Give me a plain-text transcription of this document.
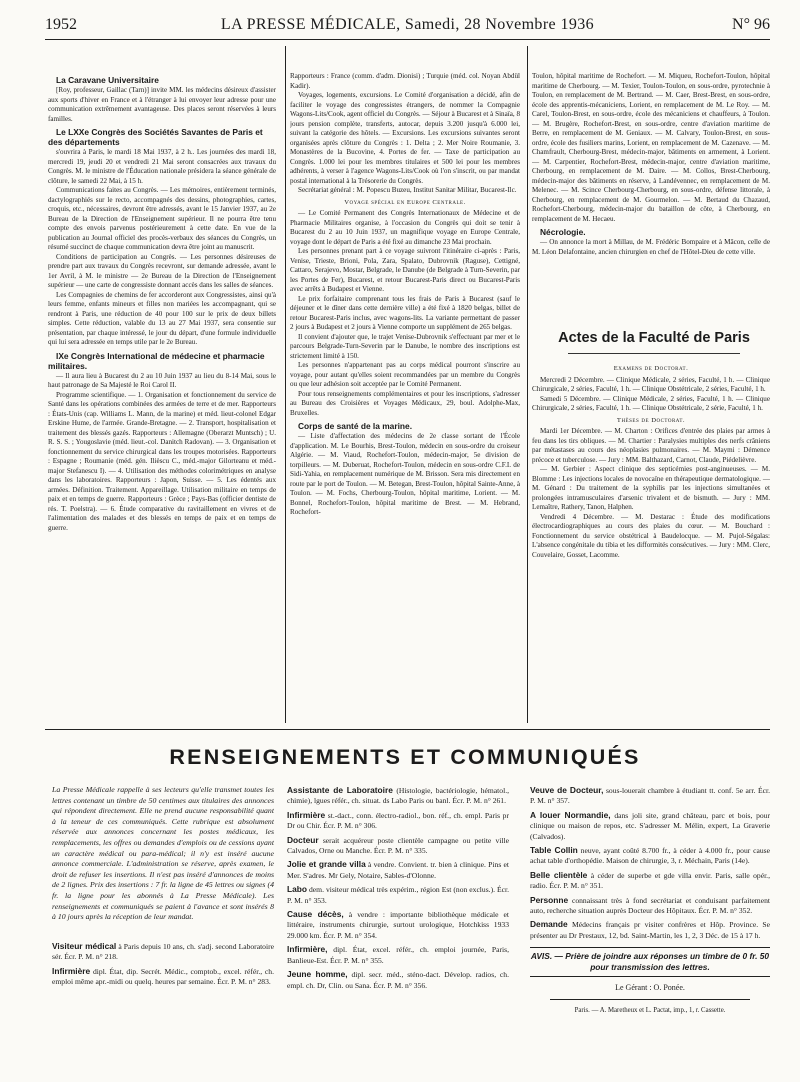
1952	LA PRESSE MÉDICALE, Samedi, 28 Novembre 1936	N° 96
La Caravane Universitaire

[Roy, professeur, Gaillac (Tarn)] invite MM. les médecins désireux d'assister aux sports d'hiver en France et à l'étranger à lui envoyer leur adresse pour une communication extrêmement avantageuse. Des places seront réservées à leurs familles.

Le LXXe Congrès des Sociétés Savantes de Paris et des départements

s'ouvrira à Paris, le mardi 18 Mai 1937, à 2 h.. Les journées des mardi 18, mercredi 19, jeudi 20 et vendredi 21 Mai seront consacrées aux travaux du Congrès. M. le ministre de l'Éducation nationale présidera la séance générale de clôture, le samedi 22 Mai, à 15 h.

Communications faites au Congrès. — Les mémoires, entièrement terminés, dactylographiés sur le recto, accompagnés des dessins, photographies, cartes, croquis, etc., nécessaires, devront être adressés, avant le 15 Janvier 1937, au 2e Bureau de la Direction de l'Enseignement supérieur. Il ne pourra être tenu compte des envois parvenus postérieurement à cette date. En vue de la publication au Journal officiel des procès-verbaux des séances du Congrès, un résumé succinct de chaque communication devra être joint au manuscrit.

Conditions de participation au Congrès. — Les personnes désireuses de prendre part aux travaux du Congrès recevront, sur demande adressée, avant le 1er Avril, à M. le ministre — 2e Bureau de la Direction de l'Enseignement supérieur — une carte de congressiste donnant accès dans les salles de séances.

Les Compagnies de chemins de fer accorderont aux Congressistes, ainsi qu'à leurs femme, enfants mineurs et filles non mariées les accompagnant, qui se rendront à Paris, une réduction de 40 pour 100 sur le prix de deux billets simples. Cette réduction, valable du 13 au 27 Mai 1937, sera consentie sur présentation, par chaque intéressé, le jour du départ, d'une formule individuelle qui lui sera adressée en temps utile par le 2e Bureau.

IXe Congrès International de médecine et pharmacie militaires.

— Il aura lieu à Bucarest du 2 au 10 Juin 1937 au lieu du 8-14 Mai, sous le haut patronage de Sa Majesté le Roi Carol II.

Programme scientifique. — 1. Organisation et fonctionnement du service de Santé dans les opérations combinées des armées de terre et de mer. Rapporteurs : États-Unis (cap. Williams L. Mann, de la marine) et méd. lieut-colonel Edgar Erskine Hume, de l'armée. Grande-Bretagne. — 2. Transport, hospitalisation et traitement des blessés gazés. Rapporteurs : Allemagne (Oberarzt Muntsch) ; U. R. S. S. ; Yougoslavie (méd. lieut.-col. Danitch Radovan). — 3. Organisation et fonctionnement du service chirurgical dans les troupes motorisées. Rapporteurs : Espagne ; Roumanie (méd. gén. Ilièscu C., méd.-major Gilorteanu et méd.-major Stefanescu I). — 4. Utilisation des méthodes colorimétriques en analyse dans les laboratoires. Rapporteurs : Japon, Suisse. — 5. Les édentés aux armées. Définition. Traitement. Appareillage. Utilisation militaire en temps de paix et en temps de guerre. Rapporteurs : Grèce ; Pays-Bas (officier dentiste de rés. T. Poelstra). — 6. Étude comparative du ravitaillement en vivres et de l'alimentation des malades et des blessés en temps de paix et en temps de guerre.

Rapporteurs : France (comm. d'adm. Dionisi) ; Turquie (méd. col. Noyan Abdül Kadir).

Voyages, logements, excursions. Le Comité d'organisation a décidé, afin de faciliter le voyage des congressistes étrangers, de nommer la Compagnie Wagons-Lits/Cook, agent officiel du Congrès. — Séjour à Bucarest et à Sinaïa, 8 jours pension complète, transferts, autocar, depuis 3.200 jusqu'à 6.000 lei, suivant la catégorie des hôtels. — Excursions. Les excursions suivantes seront organisées après clôture du Congrès : 1. Delta ; 2. Mer Noire Roumanie, 3. Monastères de la Bucovine, 4. Portes de fer. — Taxe de participation au Congrès. 1.000 lei pour les membres titulaires et 500 lei pour les membres adhérents, à verser à l'agence Wagons-Lits/Cook où l'on s'inscrit, ou par mandat postal international à la Trésorerie du Congrès.

Secrétariat général : M. Popescu Buzeu, Institut Sanitar Militar, Bucarest-Ilc.

Voyage spécial en Europe Centrale.

— Le Comité Permanent des Congrès Internationaux de Médecine et de Pharmacie Militaires organise, à l'occasion du Congrès qui doit se tenir à Bucarest du 2 au 10 Juin 1937, un magnifique voyage en Europe Centrale, voyage dont le départ de Paris a été fixé au dimanche 23 Mai prochain.

Les personnes prenant part à ce voyage suivront l'itinéraire ci-après : Paris, Venise, Trieste, Brioni, Pola, Zara, Spalato, Dubrovnik (Raguse), Cettigné, Cattaro, Serajevo, Mostar, Belgrade, le Danube (de Belgrade à Turn-Severin, par les Portes de Fer), Bucarest, et retour Bucarest-Paris direct ou Bucarest-Paris avec arrêts à Budapest et Vienne.

Le prix forfaitaire comprenant tous les frais de Paris à Bucarest (sauf le déjeuner et le dîner dans cette dernière ville) a été fixé à 1820 belgas, billet de retour Bucarest-Paris inclus, avec wagons-lits. La variante permettant de passer 2 jours à Budapest et 2 jours à Vienne comporte un supplément de 265 belgas.

Il convient d'ajouter que, le trajet Venise-Dubrovnik s'effectuant par mer et le parcours Belgrade-Turn-Severin par le Danube, le nombre des inscriptions est strictement limité à 150.

Les personnes n'appartenant pas au corps médical pourront s'inscrire au voyage, pour autant qu'elles soient recommandées par un membre du Congrès ou que leur adhésion soit acceptée par le Comité Permanent.

Pour tous renseignements complémentaires et pour les inscriptions, s'adresser au Bureau des Croisières et Voyages Médicaux, 29, boul. Adolphe-Max, Bruxelles.

Corps de santé de la marine.

— Liste d'affectation des médecins de 2e classe sortant de l'École d'application. M. Le Bourhis, Brest-Toulon, médecin en sous-ordre du croiseur Algérie. — M. Viaud, Rochefort-Toulon, médecin-major, 5e division de torpilleurs. — M. Duberuat, Rochefort-Toulon, médecin en sous-ordre C.F.I. de Sidi-Yahia, en remplacement numérique de M. Brisson. Sera mis directement en route par le port de Toulon. — M. Betegan, Brest-Toulon, hôpital Sainte-Anne, à Toulon. — M. Fochs, Cherbourg-Toulon, hôpital maritime, Lorient. — M. Bonnel, Rochefort-Toulon, hôpital maritime de Brest. — M. Hebrand, Rochefort-

Toulon, hôpital maritime de Rochefort. — M. Miqueu, Rochefort-Toulon, hôpital maritime de Cherbourg. — M. Texier, Toulon-Toulon, en sous-ordre, pyrotechnie à Toulon, en remplacement de M. Bertrand. — M. Caer, Brest-Brest, en sous-ordre, école des apprentis-mécaniciens, Lorient, en remplacement de M. Le Roy. — M. Carel, Toulon-Brest, en sous-ordre, école des mécaniciens et chauffeurs, à Toulon. — M. Brugère, Rochefort-Brest, en sous-ordre, centre d'aviation maritime de Berre, en remplacement de M. Geniaux. — M. Calvary, Toulon-Brest, en sous-ordre, école des fusiliers marins, Lorient, en remplacement de M. Cazenave. — M. Chamfrault, Cherbourg-Brest, médecin-major, bâtiments en armement, à Lorient. — M. Carpentier, Rochefort-Brest, médecin-major, centre d'aviation maritime, Cherbourg, en remplacement de M. Daire. — M. Collos, Brest-Cherbourg, médecin-major des bâtiments en réserve, à Landévennec, en remplacement de M. Melenec. — M. Scince Cherbourg-Cherbourg, en sous-ordre, défense littorale, à Cherbourg, en remplacement de M. Gourmelon. — M. Bertaud du Chazaud, Rochefort-Cherbourg, médecin-major du bataillon de côte, à Cherbourg, en remplacement de M. Hecaeu.

Nécrologie.

— On annonce la mort à Millau, de M. Frédéric Bompaire et à Mâcon, celle de M. Léon Delafontaine, ancien chirurgien en chef de l'Hôtel-Dieu de cette ville.

Actes de la Faculté de Paris

Examens de Doctorat.

Mercredi 2 Décembre. — Clinique Médicale, 2 séries, Faculté, 1 h. — Clinique Chirurgicale, 2 séries, Faculté, 1 h. — Clinique Obstétricale, 2 séries, Faculté, 1 h.

Samedi 5 Décembre. — Clinique Médicale, 2 séries, Faculté, 1 h. — Clinique Chirurgicale, 2 séries, Faculté, 1 h. — Clinique Obstétricale, 2 série, Faculté, 1 h.

Thèses de Doctorat.

Mardi 1er Décembre. — M. Charton : Orifices d'entrée des plaies par armes à feu dans les tirs obliques. — M. Chartier : Paralysies multiples des nerfs crâniens par métastases au cours des néoplasies pulmonaires. — M. Maymi : Démence précoce et tuberculose. — Jury : MM. Balthazard, Carnot, Claude, Piédelièvre.

— M. Gerbier : Aspect clinique des septicémies post-anginueuses. — M. Blomme : Les injections locales de novocaïne en thérapeutique dermatologique. — M. Génard : Du traitement de la syphilis par les injections simultanées et prolongées intramusculaires d'arsenic trivalent et de bismuth. — Jury : MM. Lemaître, Rathery, Tanon, Halphen.

Vendredi 4 Décembre. — M. Destarac : Étude des modifications électrocardiographiques au cours des plaies du cœur. — M. Bouchard : Fonctionnement du service obstétrical à Baudelocque. — M. Pujol-Ségalas: L'absence congénitale du tibia et les difformités consécutives. — Jury : MM. Clerc, Couvelaire, Gosset, Lacomme.

RENSEIGNEMENTS ET COMMUNIQUÉS
La Presse Médicale rappelle à ses lecteurs qu'elle transmet toutes les lettres contenant un timbre de 50 centimes aux titulaires des annonces qui répondent directement. Elle ne prend aucune responsabilité quant à la teneur de ces communiqués. Cette rubrique est absolument réservée aux annonces concernant les postes médicaux, les remplacements, les offres ou demandes d'emplois ou de cessions ayant un caractère médical ou para-médical; il n'y est inséré aucune annonce commerciale. L'administration se réserve, après examen, le droit de refuser les insertions. Il n'est pas inséré d'annonces de moins de 2 lignes. Prix des insertions : 7 fr. la ligne de 45 lettres ou signes (4 fr. la ligne pour les abonnés à La Presse Médicale). Les renseignements et communiqués se paient à l'avance et sont insérés 8 à 10 jours après la réception de leur mandat.

Visiteur médical à Paris depuis 10 ans, ch. s'adj. second Laboratoire sér. Écr. P. M. n° 218.

Infirmière dipl. État, dip. Secrét. Médic., comptob., excel. référ., ch. emploi même apr.-midi ou quelq. heures par semaine. Écr. P. M. n° 283.

Assistante de Laboratoire (Histologie, bactériologie, hématol., chimie), lgues référ., ch. situat. ds Labo Paris ou banl. Écr. P. M. n° 261.

Infirmière st.-dact., conn. électro-radiol., bon. réf., ch. empl. Paris pr Dr ou Chir. Écr. P. M. n° 306.

Docteur serait acquéreur poste clientèle campagne ou petite ville Calvados, Orne ou Manche. Écr. P. M. n° 335.

Jolie et grande villa à vendre. Convient. tr. bien à clinique. Pins et Mer. S'adres. Mr Gely, Notaire, Sables-d'Olonne.

Labo dem. visiteur médical très expérim., région Est (non exclus.). Écr. P. M. n° 353.

Cause décès, à vendre : importante bibliothèque médicale et littéraire, instruments chirurgie, surtout urologique, Hotchkiss 1933 29.000 km. Écr. P. M. n° 354.

Infirmière, dipl. État, excel. référ., ch. emploi journée, Paris, Banlieue-Est. Écr. P. M. n° 355.

Jeune homme, dipl. secr. méd., sténo-dact. Dévelop. radios, ch. empl. ch. Dr, Clin. ou Sana. Écr. P. M. n° 356.

Veuve de Docteur, sous-louerait chambre à étudiant tt. conf. 5e arr. Écr. P. M. n° 357.

A louer Normandie, dans joli site, grand château, parc et bois, pour clinique ou maison de repos, etc. S'adresser M. Mélin, expert, La Graverie (Calvados).

Table Collin neuve, ayant coûté 8.700 fr., à céder à 4.000 fr., pour cause achat table d'orthopédie. Maison de chirurgie, 3, r. Méchain, Paris (14e).

Belle clientèle à céder de superbe et gde villa envir. Paris, salle opér., radio. Écr. P. M. n° 351.

Personne connaissant très à fond secrétariat et conduisant parfaitement auto, recherche situation auprès Docteur des Hôpitaux. Écr. P. M. n° 352.

Demande Médecins français pr visiter confrères et Hôp. Province. Se présenter au Dr Prestaux, 12, bd. Saint-Martin, les 1, 2, 3 Déc. de 15 à 17 h.

AVIS. — Prière de joindre aux réponses un timbre de 0 fr. 50 pour transmission des lettres.
Le Gérant : O. Ponée.
Paris. — A. Maretheux et L. Pactat, imp., 1, r. Cassette.
